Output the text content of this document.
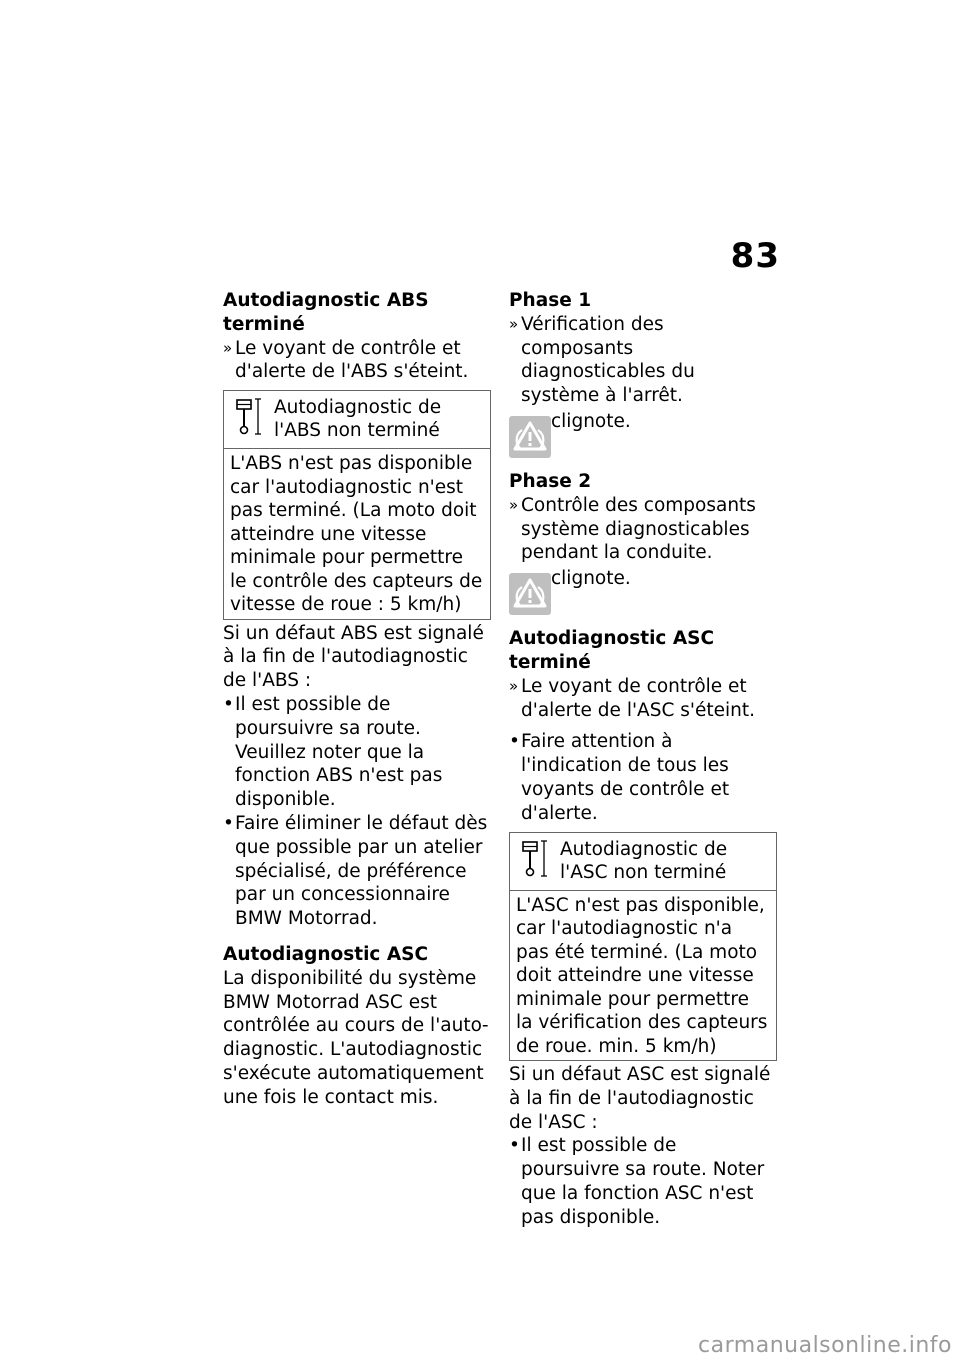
83
Autodiagnostic ABS terminé
» Le voyant de contrôle et d'alerte de l'ABS s'éteint.
Autodiagnostic de l'ABS non terminé
L'ABS n'est pas disponible car l'autodiagnostic n'est pas terminé. (La moto doit atteindre une vitesse minimale pour permettre le contrôle des capteurs de vitesse de roue : 5 km/h)
Si un défaut ABS est signalé à la fin de l'autodiagnostic de l'ABS :
• Il est possible de poursuivre sa route. Veuillez noter que la fonction ABS n'est pas disponible.
• Faire éliminer le défaut dès que possible par un atelier spécialisé, de préférence par un concessionnaire BMW Motorrad.
Autodiagnostic ASC
La disponibilité du système BMW Motorrad ASC est contrôlée au cours de l'autodiagnostic. L'autodiagnostic s'exécute automatiquement une fois le contact mis.
Phase 1
» Vérification des composants diagnosticables du système à l'arrêt.
clignote.
Phase 2
» Contrôle des composants système diagnosticables pendant la conduite.
clignote.
Autodiagnostic ASC terminé
» Le voyant de contrôle et d'alerte de l'ASC s'éteint.
• Faire attention à l'indication de tous les voyants de contrôle et d'alerte.
Autodiagnostic de l'ASC non terminé
L'ASC n'est pas disponible, car l'autodiagnostic n'a pas été terminé. (La moto doit atteindre une vitesse minimale pour permettre la vérification des capteurs de roue. min. 5 km/h)
Si un défaut ASC est signalé à la fin de l'autodiagnostic de l'ASC :
• Il est possible de poursuivre sa route. Noter que la fonction ASC n'est pas disponible.
carmanualsonline.info
